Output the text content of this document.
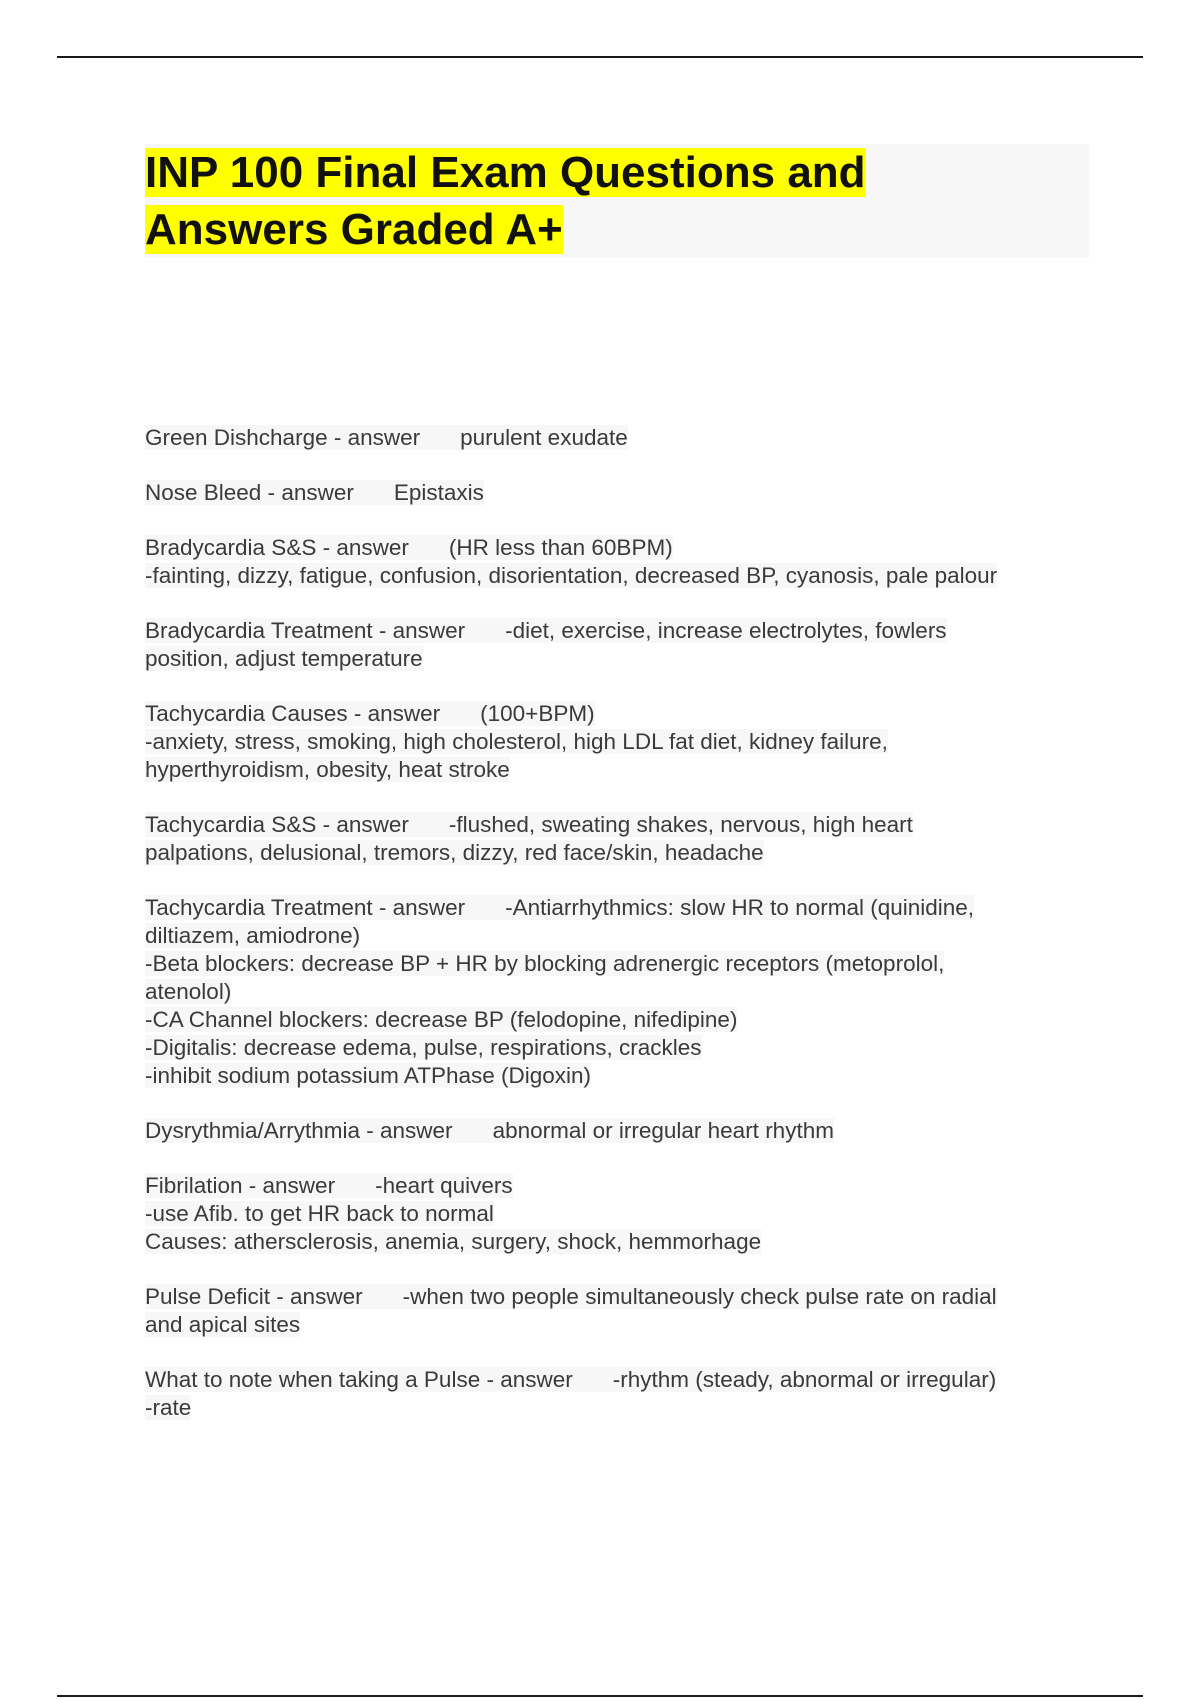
INP 100 Final Exam Questions and
Answers Graded A+
Green Dishcharge - answer purulent exudate
Nose Bleed - answer Epistaxis
Bradycardia S&S - answer (HR less than 60BPM)
-fainting, dizzy, fatigue, confusion, disorientation, decreased BP, cyanosis, pale palour
Bradycardia Treatment - answer -diet, exercise, increase electrolytes, fowlers
position, adjust temperature
Tachycardia Causes - answer (100+BPM)
-anxiety, stress, smoking, high cholesterol, high LDL fat diet, kidney failure,
hyperthyroidism, obesity, heat stroke
Tachycardia S&S - answer -flushed, sweating shakes, nervous, high heart
palpations, delusional, tremors, dizzy, red face/skin, headache
Tachycardia Treatment - answer -Antiarrhythmics: slow HR to normal (quinidine,
diltiazem, amiodrone)
-Beta blockers: decrease BP + HR by blocking adrenergic receptors (metoprolol,
atenolol)
-CA Channel blockers: decrease BP (felodopine, nifedipine)
-Digitalis: decrease edema, pulse, respirations, crackles
-inhibit sodium potassium ATPhase (Digoxin)
Dysrythmia/Arrythmia - answer abnormal or irregular heart rhythm
Fibrilation - answer -heart quivers
-use Afib. to get HR back to normal
Causes: athersclerosis, anemia, surgery, shock, hemmorhage
Pulse Deficit - answer -when two people simultaneously check pulse rate on radial
and apical sites
What to note when taking a Pulse - answer -rhythm (steady, abnormal or irregular)
-rate
